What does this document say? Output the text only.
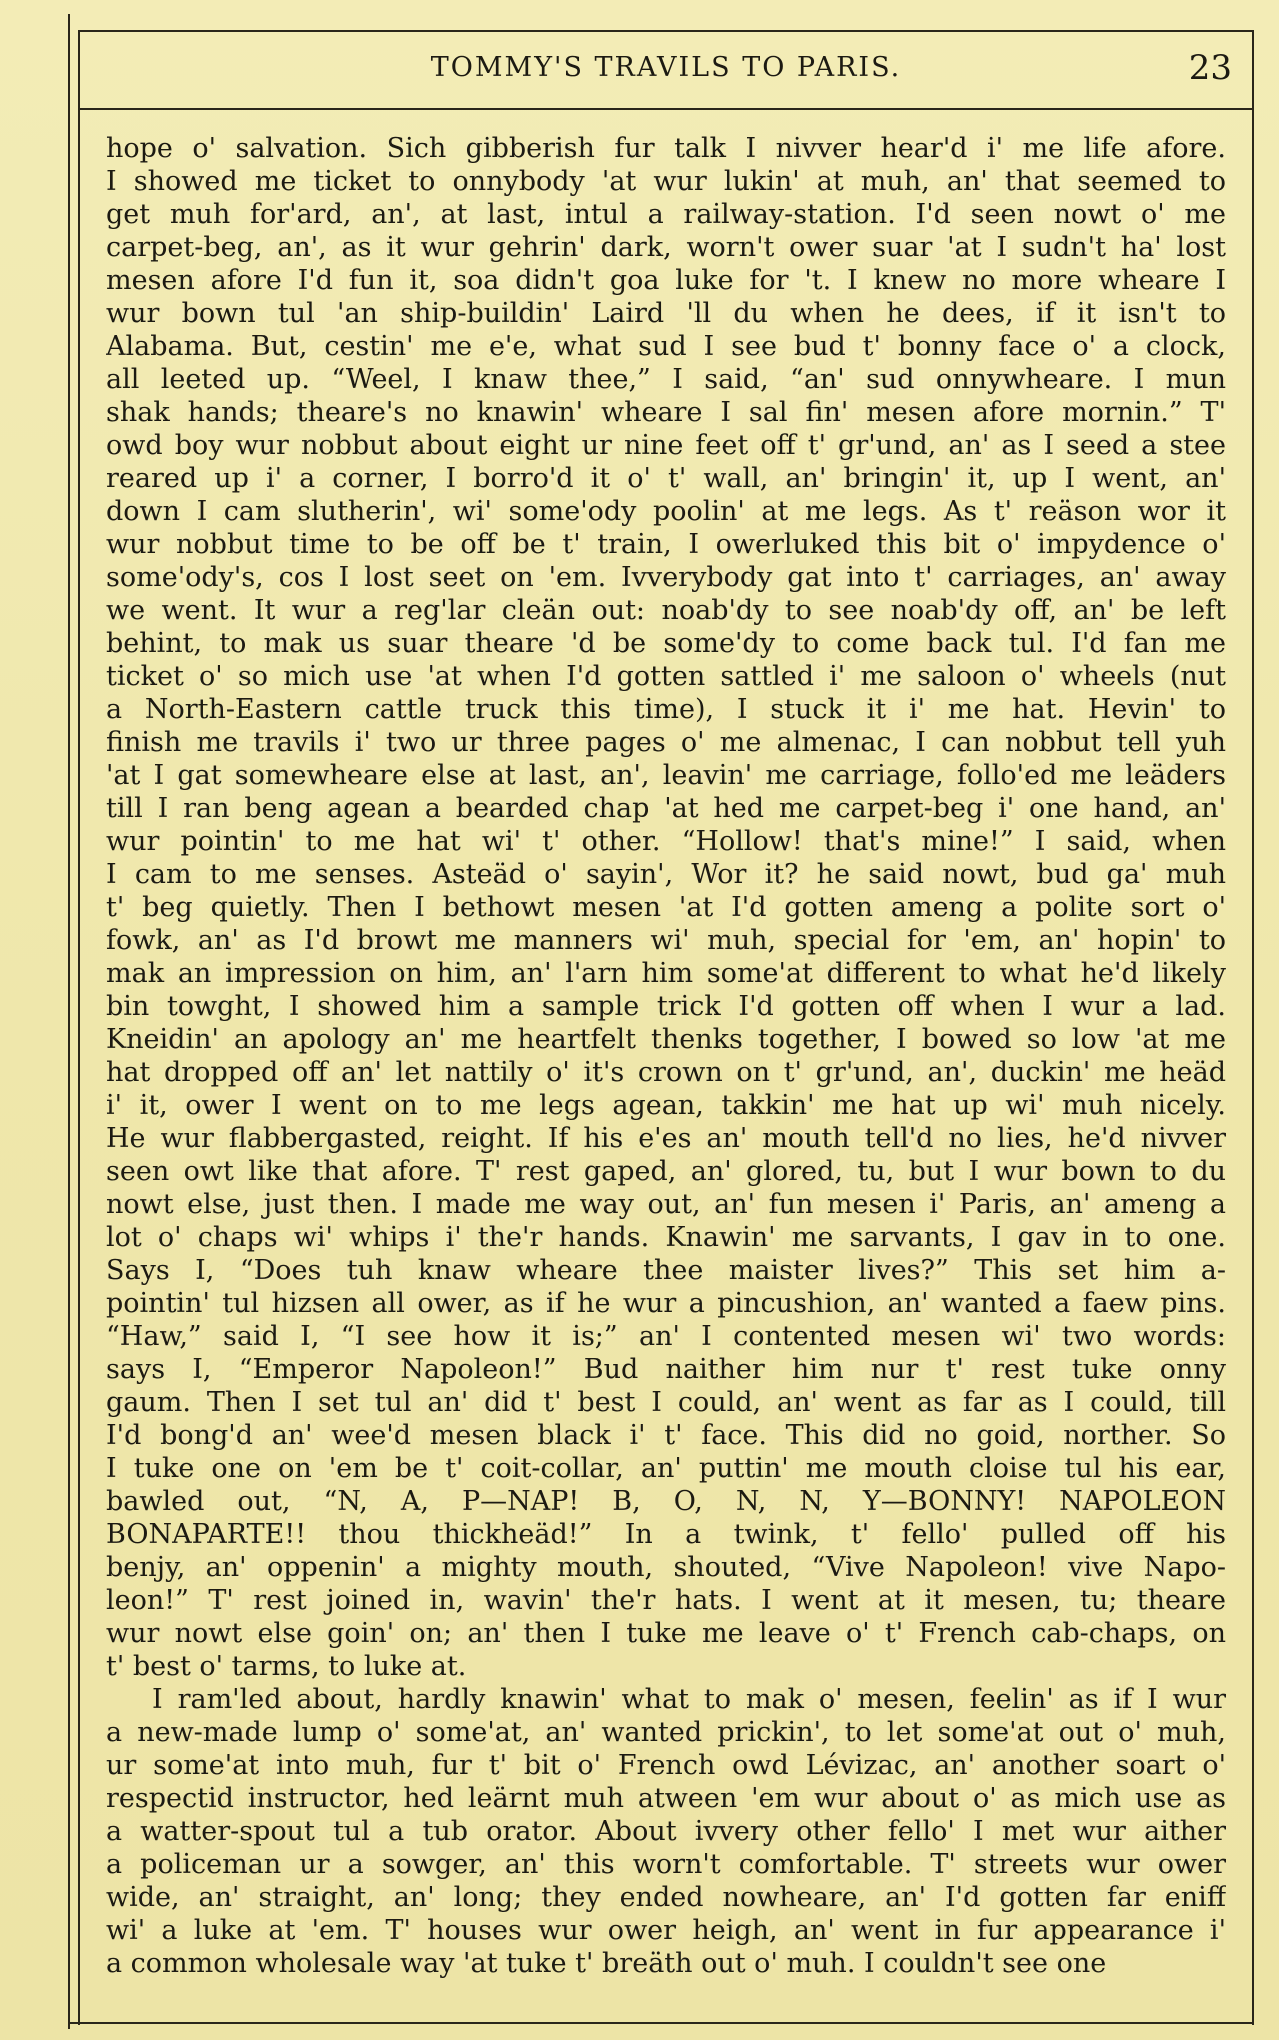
TOMMY'S TRAVILS TO PARIS.	23
hope o' salvation. Sich gibberish fur talk I nivver hear'd i' me life afore.
I showed me ticket to onnybody 'at wur lukin' at muh, an' that seemed to
get muh for'ard, an', at last, intul a railway-station. I'd seen nowt o' me
carpet-beg, an', as it wur gehrin' dark, worn't ower suar 'at I sudn't ha' lost
mesen afore I'd fun it, soa didn't goa luke for 't. I knew no more wheare I
wur bown tul 'an ship-buildin' Laird 'll du when he dees, if it isn't to
Alabama. But, cestin' me e'e, what sud I see bud t' bonny face o' a clock,
all leeted up. “Weel, I knaw thee,” I said, “an' sud onnywheare. I mun
shak hands; theare's no knawin' wheare I sal fin' mesen afore mornin.” T'
owd boy wur nobbut about eight ur nine feet off t' gr'und, an' as I seed a stee
reared up i' a corner, I borro'd it o' t' wall, an' bringin' it, up I went, an'
down I cam slutherin', wi' some'ody poolin' at me legs. As t' reäson wor it
wur nobbut time to be off be t' train, I owerluked this bit o' impydence o'
some'ody's, cos I lost seet on 'em. Ivverybody gat into t' carriages, an' away
we went. It wur a reg'lar cleän out: noab'dy to see noab'dy off, an' be left
behint, to mak us suar theare 'd be some'dy to come back tul. I'd fan me
ticket o' so mich use 'at when I'd gotten sattled i' me saloon o' wheels (nut
a North-Eastern cattle truck this time), I stuck it i' me hat. Hevin' to
finish me travils i' two ur three pages o' me almenac, I can nobbut tell yuh
'at I gat somewheare else at last, an', leavin' me carriage, follo'ed me leäders
till I ran beng agean a bearded chap 'at hed me carpet-beg i' one hand, an'
wur pointin' to me hat wi' t' other. “Hollow! that's mine!” I said, when
I cam to me senses. Asteäd o' sayin', Wor it? he said nowt, bud ga' muh
t' beg quietly. Then I bethowt mesen 'at I'd gotten ameng a polite sort o'
fowk, an' as I'd browt me manners wi' muh, special for 'em, an' hopin' to
mak an impression on him, an' l'arn him some'at different to what he'd likely
bin towght, I showed him a sample trick I'd gotten off when I wur a lad.
Kneidin' an apology an' me heartfelt thenks together, I bowed so low 'at me
hat dropped off an' let nattily o' it's crown on t' gr'und, an', duckin' me heäd
i' it, ower I went on to me legs agean, takkin' me hat up wi' muh nicely.
He wur flabbergasted, reight. If his e'es an' mouth tell'd no lies, he'd nivver
seen owt like that afore. T' rest gaped, an' glored, tu, but I wur bown to du
nowt else, just then. I made me way out, an' fun mesen i' Paris, an' ameng a
lot o' chaps wi' whips i' the'r hands. Knawin' me sarvants, I gav in to one.
Says I, “Does tuh knaw wheare thee maister lives?” This set him a-
pointin' tul hizsen all ower, as if he wur a pincushion, an' wanted a faew pins.
“Haw,” said I, “I see how it is;” an' I contented mesen wi' two words:
says I, “Emperor Napoleon!” Bud naither him nur t' rest tuke onny
gaum. Then I set tul an' did t' best I could, an' went as far as I could, till
I'd bong'd an' wee'd mesen black i' t' face. This did no goid, norther. So
I tuke one on 'em be t' coit-collar, an' puttin' me mouth cloise tul his ear,
bawled out, “N, A, P—NAP! B, O, N, N, Y—BONNY! NAPOLEON
BONAPARTE!! thou thickheäd!” In a twink, t' fello' pulled off his
benjy, an' oppenin' a mighty mouth, shouted, “Vive Napoleon! vive Napo-
leon!” T' rest joined in, wavin' the'r hats. I went at it mesen, tu; theare
wur nowt else goin' on; an' then I tuke me leave o' t' French cab-chaps, on
t' best o' tarms, to luke at.
I ram'led about, hardly knawin' what to mak o' mesen, feelin' as if I wur
a new-made lump o' some'at, an' wanted prickin', to let some'at out o' muh,
ur some'at into muh, fur t' bit o' French owd Lévizac, an' another soart o'
respectid instructor, hed leärnt muh atween 'em wur about o' as mich use as
a watter-spout tul a tub orator. About ivvery other fello' I met wur aither
a policeman ur a sowger, an' this worn't comfortable. T' streets wur ower
wide, an' straight, an' long; they ended nowheare, an' I'd gotten far eniff
wi' a luke at 'em. T' houses wur ower heigh, an' went in fur appearance i'
a common wholesale way 'at tuke t' breäth out o' muh. I couldn't see one
